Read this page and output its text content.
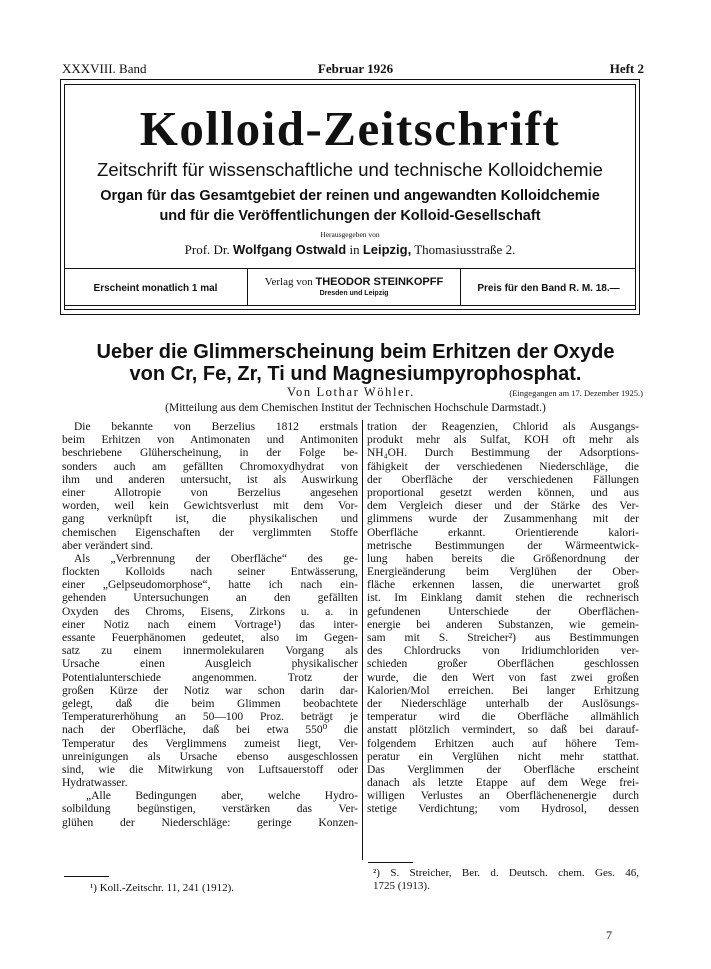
XXXVIII. Band	Februar 1926	Heft 2
Kolloid-Zeitschrift
Zeitschrift für wissenschaftliche und technische Kolloidchemie
Organ für das Gesamtgebiet der reinen und angewandten Kolloidchemie
und für die Veröffentlichungen der Kolloid-Gesellschaft
Herausgegeben von
Prof. Dr. Wolfgang Ostwald in Leipzig, Thomasiusstraße 2.
Erscheint monatlich 1 mal
Verlag von THEODOR STEINKOPFF
Dresden und Leipzig	Preis für den Band R. M. 18.—
Ueber die Glimmerscheinung beim Erhitzen der Oxyde
von Cr, Fe, Zr, Ti und Magnesiumpyrophosphat.
Von Lothar Wöhler.	(Eingegangen am 17. Dezember 1925.)
(Mitteilung aus dem Chemischen Institut der Technischen Hochschule Darmstadt.)
Die bekannte von Berzelius 1812 erstmals
beim Erhitzen von Antimonaten und Antimoniten
beschriebene Glüherscheinung, in der Folge be-
sonders auch am gefällten Chromoxydhydrat von
ihm und anderen untersucht, ist als Auswirkung
einer Allotropie von Berzelius angesehen
worden, weil kein Gewichtsverlust mit dem Vor-
gang verknüpft ist, die physikalischen und
chemischen Eigenschaften der verglimmten Stoffe
aber verändert sind.
Als „Verbrennung der Oberfläche“ des ge-
flockten Kolloids nach seiner Entwässerung,
einer „Gelpseudomorphose“, hatte ich nach ein-
gehenden Untersuchungen an den gefällten
Oxyden des Chroms, Eisens, Zirkons u. a. in
einer Notiz nach einem Vortrage¹) das inter-
essante Feuerphänomen gedeutet, also im Gegen-
satz zu einem innermolekularen Vorgang als
Ursache einen Ausgleich physikalischer
Potentialunterschiede angenommen. Trotz der
großen Kürze der Notiz war schon darin dar-
gelegt, daß die beim Glimmen beobachtete
Temperaturerhöhung an 50—100 Proz. beträgt je
nach der Oberfläche, daß bei etwa 550⁰ die
Temperatur des Verglimmens zumeist liegt, Ver-
unreinigungen als Ursache ebenso ausgeschlossen
sind, wie die Mitwirkung von Luftsauerstoff oder
Hydratwasser.
„Alle Bedingungen aber, welche Hydro-
solbildung begünstigen, verstärken das Ver-
glühen der Niederschläge: geringe Konzen-
tration der Reagenzien, Chlorid als Ausgangs-
produkt mehr als Sulfat, KOH oft mehr als
NH₄OH. Durch Bestimmung der Adsorptions-
fähigkeit der verschiedenen Niederschläge, die
der Oberfläche der verschiedenen Fällungen
proportional gesetzt werden können, und aus
dem Vergleich dieser und der Stärke des Ver-
glimmens wurde der Zusammenhang mit der
Oberfläche erkannt. Orientierende kalori-
metrische Bestimmungen der Wärmeentwick-
lung haben bereits die Größenordnung der
Energieänderung beim Verglühen der Ober-
fläche erkennen lassen, die unerwartet groß
ist. Im Einklang damit stehen die rechnerisch
gefundenen Unterschiede der Oberflächen-
energie bei anderen Substanzen, wie gemein-
sam mit S. Streicher²) aus Bestimmungen
des Chlordrucks von Iridiumchloriden ver-
schieden großer Oberflächen geschlossen
wurde, die den Wert von fast zwei großen
Kalorien/Mol erreichen. Bei langer Erhitzung
der Niederschläge unterhalb der Auslösungs-
temperatur wird die Oberfläche allmählich
anstatt plötzlich vermindert, so daß bei darauf-
folgendem Erhitzen auch auf höhere Tem-
peratur ein Verglühen nicht mehr statthat.
Das Verglimmen der Oberfläche erscheint
danach als letzte Etappe auf dem Wege frei-
willigen Verlustes an Oberflächenenergie durch
stetige Verdichtung; vom Hydrosol, dessen
¹) Koll.-Zeitschr. 11, 241 (1912).
²) S. Streicher, Ber. d. Deutsch. chem. Ges. 46,
1725 (1913).
7
